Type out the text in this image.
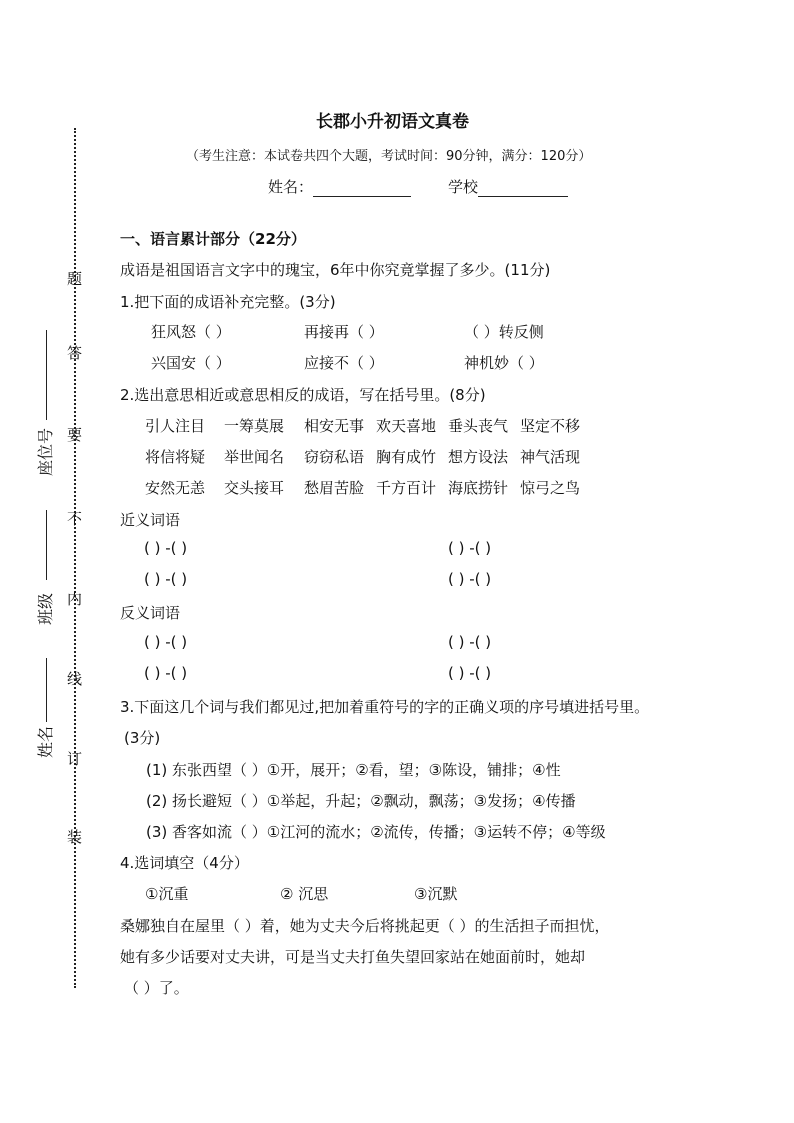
题
答
要
不
内
线
订
装
座位号
班级
姓名
长郡小升初语文真卷
（考生注意：本试卷共四个大题，考试时间：90分钟，满分：120分）
姓名：	学校
一、语言累计部分（22分）
成语是祖国语言文字中的瑰宝，6年中你究竟掌握了多少。(11分)
1.把下面的成语补充完整。(3分)
狂风怒（ ）	再接再（ ）	（ ）转反侧
兴国安（ ）	应接不（ ）	神机妙（ ）
2.选出意思相近或意思相反的成语，写在括号里。(8分)
引人注目 一筹莫展 相安无事 欢天喜地 垂头丧气 坚定不移
将信将疑 举世闻名 窃窃私语 胸有成竹 想方设法 神气活现
安然无恙 交头接耳 愁眉苦脸 千方百计 海底捞针 惊弓之鸟
近义词语
( ) -( )	( ) -( )
( ) -( )	( ) -( )
反义词语
( ) -( )	( ) -( )
( ) -( )	( ) -( )
3.下面这几个词与我们都见过,把加着重符号的字的正确义项的序号填进括号里。
(3分)
(1) 东张西望（ ）①开，展开；②看，望；③陈设，铺排；④性
(2) 扬长避短（ ）①举起，升起；②飘动，飘荡；③发扬；④传播
(3) 香客如流（ ）①江河的流水；②流传，传播；③运转不停；④等级
4.选词填空（4分）
①沉重	② 沉思	③沉默
桑娜独自在屋里（ ）着，她为丈夫今后将挑起更（ ）的生活担子而担忧，
她有多少话要对丈夫讲，可是当丈夫打鱼失望回家站在她面前时，她却
（ ）了。
